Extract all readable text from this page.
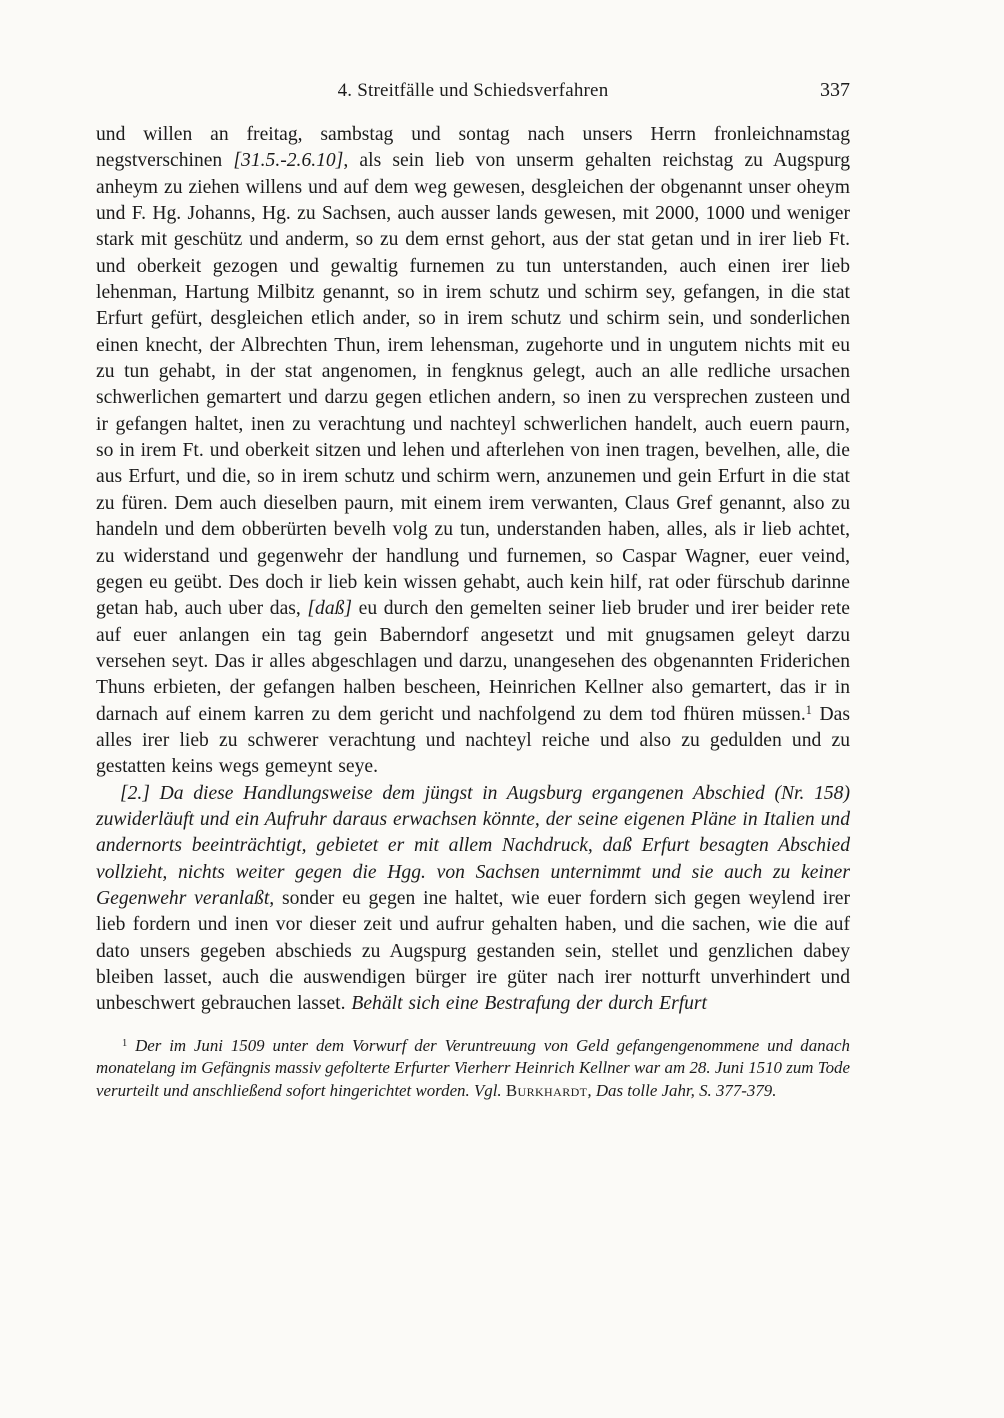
4. Streitfälle und Schiedsverfahren	337

und willen an freitag, sambstag und sontag nach unsers Herrn fronleichnamstag negstverschinen [31.5.-2.6.10], als sein lieb von unserm gehalten reichstag zu Augspurg anheym zu ziehen willens und auf dem weg gewesen, desgleichen der obgenannt unser oheym und F. Hg. Johanns, Hg. zu Sachsen, auch ausser lands gewesen, mit 2000, 1000 und weniger stark mit geschütz und anderm, so zu dem ernst gehort, aus der stat getan und in irer lieb Ft. und oberkeit gezogen und gewaltig furnemen zu tun unterstanden, auch einen irer lieb lehenman, Hartung Milbitz genannt, so in irem schutz und schirm sey, gefangen, in die stat Erfurt gefürt, desgleichen etlich ander, so in irem schutz und schirm sein, und sonderlichen einen knecht, der Albrechten Thun, irem lehensman, zugehorte und in ungutem nichts mit eu zu tun gehabt, in der stat angenomen, in fengknus gelegt, auch an alle redliche ursachen schwerlichen gemartert und darzu gegen etlichen andern, so inen zu versprechen zusteen und ir gefangen haltet, inen zu verachtung und nachteyl schwerlichen handelt, auch euern paurn, so in irem Ft. und oberkeit sitzen und lehen und afterlehen von inen tragen, bevelhen, alle, die aus Erfurt, und die, so in irem schutz und schirm wern, anzunemen und gein Erfurt in die stat zu füren. Dem auch dieselben paurn, mit einem irem verwanten, Claus Gref genannt, also zu handeln und dem obberürten bevelh volg zu tun, understanden haben, alles, als ir lieb achtet, zu widerstand und gegenwehr der handlung und furnemen, so Caspar Wagner, euer veind, gegen eu geübt. Des doch ir lieb kein wissen gehabt, auch kein hilf, rat oder fürschub darinne getan hab, auch uber das, [daß] eu durch den gemelten seiner lieb bruder und irer beider rete auf euer anlangen ein tag gein Baberndorf angesetzt und mit gnugsamen geleyt darzu versehen seyt. Das ir alles abgeschlagen und darzu, unangesehen des obgenannten Friderichen Thuns erbieten, der gefangen halben bescheen, Heinrichen Kellner also gemartert, das ir in darnach auf einem karren zu dem gericht und nachfolgend zu dem tod fhüren müssen.$^1$ Das alles irer lieb zu schwerer verachtung und nachteyl reiche und also zu gedulden und zu gestatten keins wegs gemeynt seye.

[2.] Da diese Handlungsweise dem jüngst in Augsburg ergangenen Abschied (Nr. 158) zuwiderläuft und ein Aufruhr daraus erwachsen könnte, der seine eigenen Pläne in Italien und andernorts beeinträchtigt, gebietet er mit allem Nachdruck, daß Erfurt besagten Abschied vollzieht, nichts weiter gegen die Hgg. von Sachsen unternimmt und sie auch zu keiner Gegenwehr veranlaßt, sonder eu gegen ine haltet, wie euer fordern sich gegen weylend irer lieb fordern und inen vor dieser zeit und aufrur gehalten haben, und die sachen, wie die auf dato unsers gegeben abschieds zu Augspurg gestanden sein, stellet und genzlichen dabey bleiben lasset, auch die auswendigen bürger ire güter nach irer notturft unverhindert und unbeschwert gebrauchen lasset. Behält sich eine Bestrafung der durch Erfurt

$^1$ Der im Juni 1509 unter dem Vorwurf der Veruntreuung von Geld gefangengenommene und danach monatelang im Gefängnis massiv gefolterte Erfurter Vierherr Heinrich Kellner war am 28. Juni 1510 zum Tode verurteilt und anschließend sofort hingerichtet worden. Vgl. Burkhardt, Das tolle Jahr, S. 377-379.
